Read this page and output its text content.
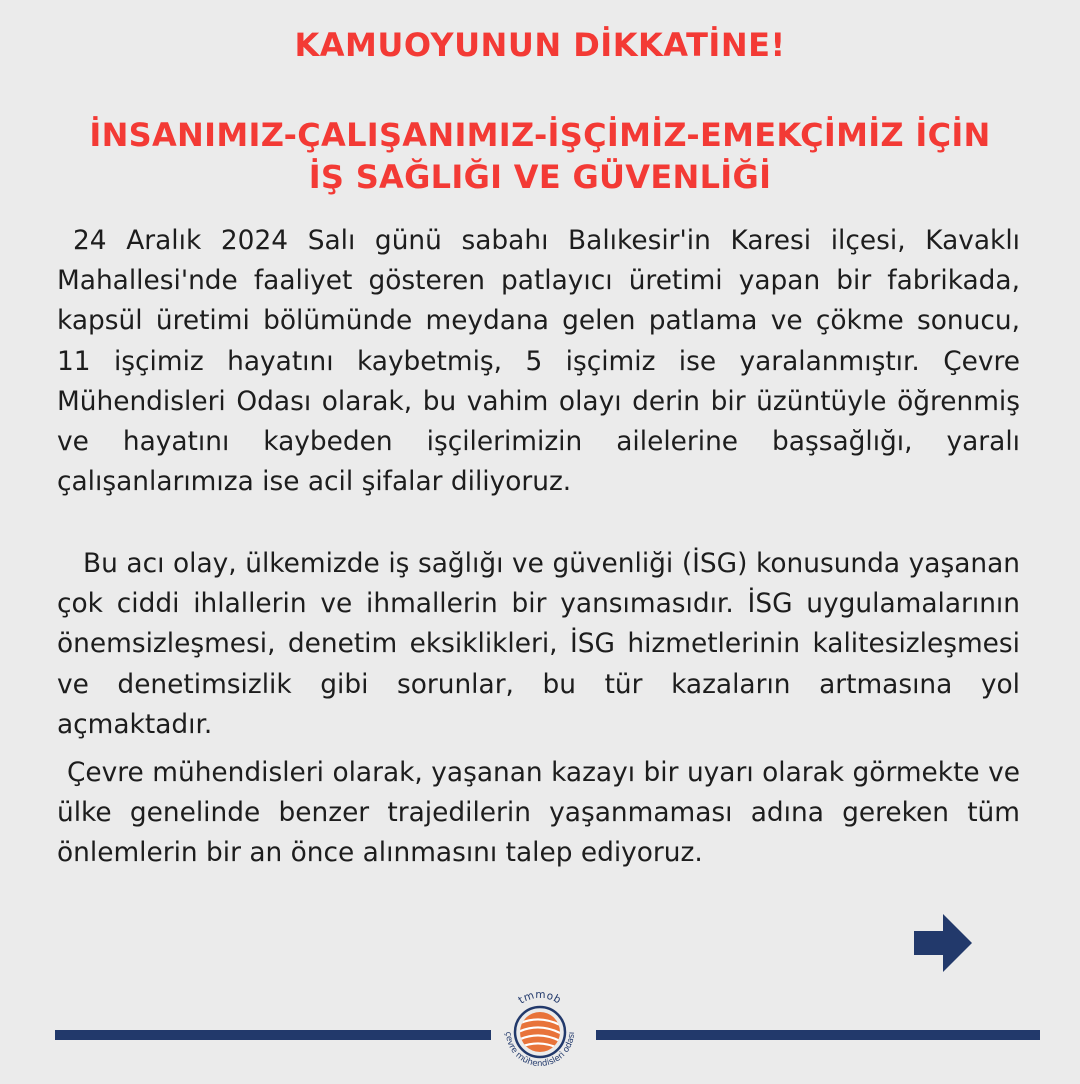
KAMUOYUNUN DİKKATİNE!
İNSANIMIZ-ÇALIŞANIMIZ-İŞÇİMİZ-EMEKÇİMİZ İÇİN
İŞ SAĞLIĞI VE GÜVENLİĞİ

24 Aralık 2024 Salı günü sabahı Balıkesir'in Karesi ilçesi, Kavaklı Mahallesi'nde faaliyet gösteren patlayıcı üretimi yapan bir fabrikada, kapsül üretimi bölümünde meydana gelen patlama ve çökme sonucu, 11 işçimiz hayatını kaybetmiş, 5 işçimiz ise yaralanmıştır. Çevre Mühendisleri Odası olarak, bu vahim olayı derin bir üzüntüyle öğrenmiş ve hayatını kaybeden işçilerimizin ailelerine başsağlığı, yaralı çalışanlarımıza ise acil şifalar diliyoruz.

Bu acı olay, ülkemizde iş sağlığı ve güvenliği (İSG) konusunda yaşanan çok ciddi ihlallerin ve ihmallerin bir yansımasıdır. İSG uygulamalarının önemsizleşmesi, denetim eksiklikleri, İSG hizmetlerinin kalitesizleşmesi ve denetimsizlik gibi sorunlar, bu tür kazaların artmasına yol açmaktadır.

Çevre mühendisleri olarak, yaşanan kazayı bir uyarı olarak görmekte ve ülke genelinde benzer trajedilerin yaşanmaması adına gereken tüm önlemlerin bir an önce alınmasını talep ediyoruz.

tmmob
çevre mühendisleri odası
